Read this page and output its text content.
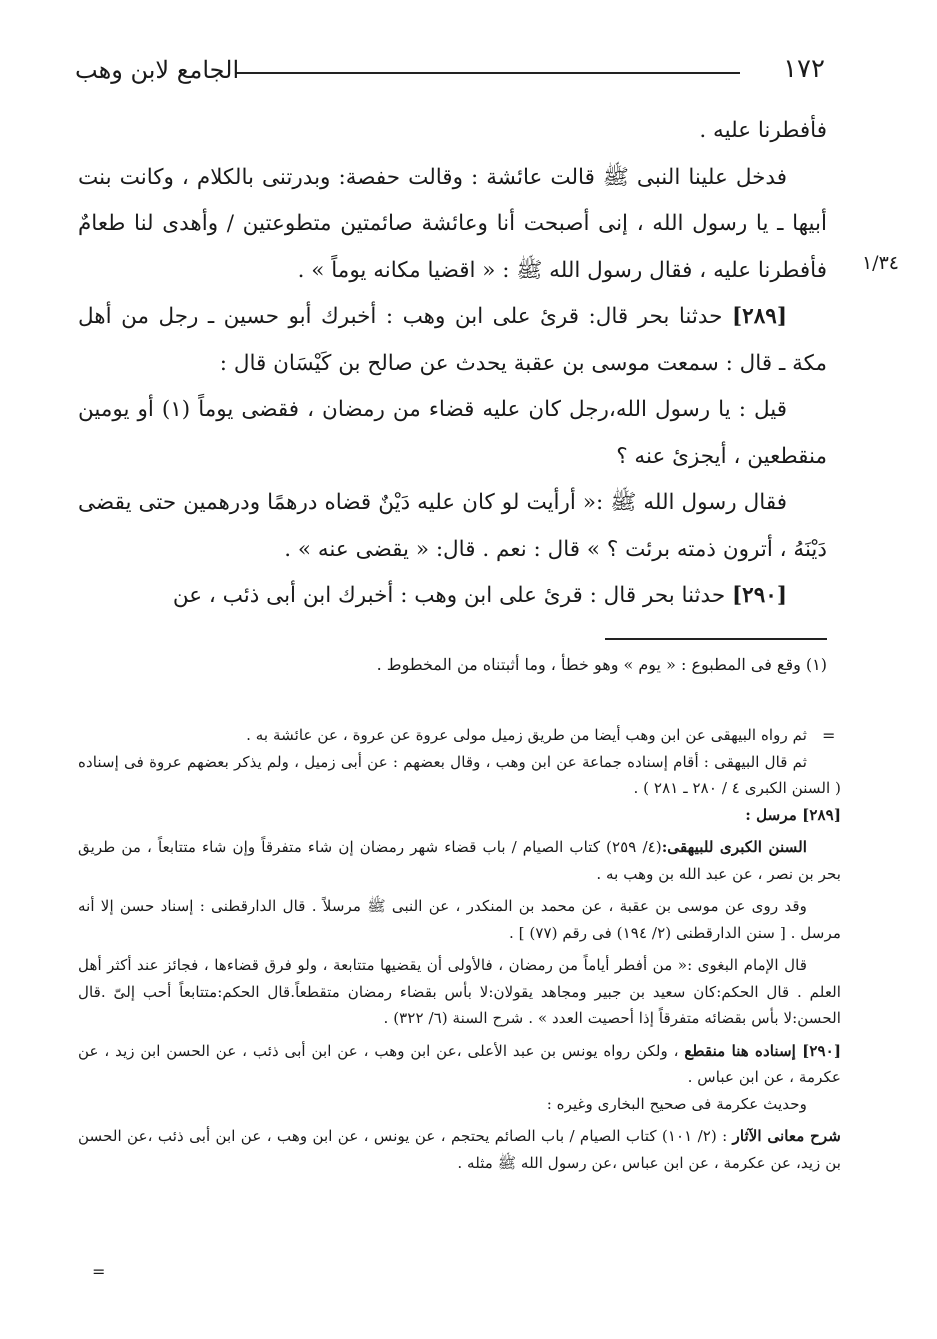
١٧٢
الجامع لابن وهب
١/٣٤

فأفطرنا عليه .

فدخل علينا النبى ﷺ قالت عائشة : وقالت حفصة: وبدرتنى بالكلام ، وكانت بنت أبيها ـ يا رسول الله ، إنى أصبحت أنا وعائشة صائمتين متطوعتين / وأهدى لنا طعامٌ فأفطرنا عليه ، فقال رسول الله ﷺ : « اقضيا مكانه يوماً » .

[٢٨٩] حدثنا بحر قال: قرئ على ابن وهب : أخبرك أبو حسين ـ رجل من أهل مكة ـ قال : سمعت موسى بن عقبة يحدث عن صالح بن كَيْسَان قال :

قيل : يا رسول الله،رجل كان عليه قضاء من رمضان ، فقضى يوماً (١) أو يومين منقطعين ، أيجزئ عنه ؟

فقال رسول الله ﷺ :« أرأيت لو كان عليه دَيْنٌ قضاه درهمًا ودرهمين حتى يقضى دَيْنَهُ ، أترون ذمته برئت ؟ » قال : نعم . قال: « يقضى عنه » .

[٢٩٠] حدثنا بحر قال : قرئ على ابن وهب : أخبرك ابن أبى ذئب ، عن

(١) وقع فى المطبوع : « يوم » وهو خطأ ، وما أثبتناه من المخطوط .
=

ثم رواه البيهقى عن ابن وهب أيضا من طريق زميل مولى عروة عن عروة ، عن عائشة به .

ثم قال البيهقى : أقام إسناده جماعة عن ابن وهب ، وقال بعضهم : عن أبى زميل ، ولم يذكر بعضهم عروة فى إسناده ( السنن الكبرى ٤ / ٢٨٠ ـ ٢٨١ ) .

[٢٨٩] مرسل :

السنن الكبرى للبيهقى:(٤/ ٢٥٩) كتاب الصيام / باب قضاء شهر رمضان إن شاء متفرقاً وإن شاء متتابعاً ، من طريق بحر بن نصر ، عن عبد الله بن وهب به .

وقد روى عن موسى بن عقبة ، عن محمد بن المنكدر ، عن النبى ﷺ مرسلاً . قال الدارقطنى : إسناد حسن إلا أنه مرسل . [ سنن الدارقطنى (٢/ ١٩٤) فى رقم (٧٧) ] .

قال الإمام البغوى :« من أفطر أياماً من رمضان ، فالأولى أن يقضيها متتابعة ، ولو فرق قضاءها ، فجائز عند أكثر أهل العلم . قال الحكم:كان سعيد بن جبير ومجاهد يقولان:لا بأس بقضاء رمضان متقطعاً.قال الحكم:متتابعاً أحب إلىّ .قال الحسن:لا بأس بقضائه متفرقاً إذا أحصيت العدد » . شرح السنة (٦/ ٣٢٢) .

[٢٩٠] إسناده هنا منقطع ، ولكن رواه يونس بن عبد الأعلى ،عن ابن وهب ، عن ابن أبى ذئب ، عن الحسن ابن زيد ، عن عكرمة ، عن ابن عباس .

وحديث عكرمة فى صحيح البخارى وغيره :

شرح معانى الآثار : (٢/ ١٠١) كتاب الصيام / باب الصائم يحتجم ، عن يونس ، عن ابن وهب ، عن ابن أبى ذئب ،عن الحسن بن زيد، عن عكرمة ، عن ابن عباس ،عن رسول الله ﷺ مثله .

=
